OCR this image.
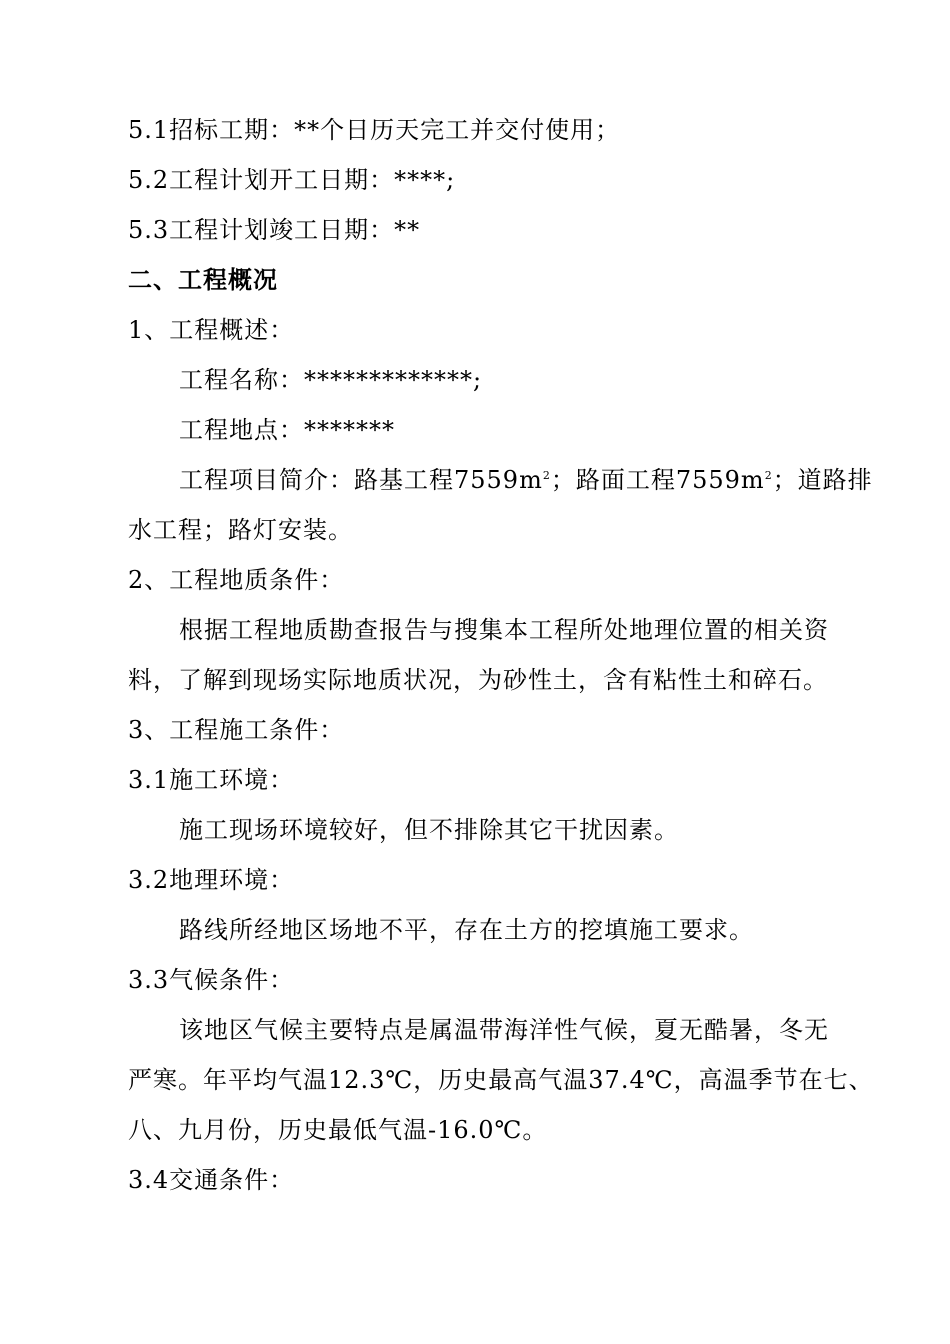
5.1招标工期：**个日历天完工并交付使用；
5.2工程计划开工日期：****;
5.3工程计划竣工日期：**
二、工程概况
1、工程概述：
工程名称：*************;
工程地点：*******
工程项目简介：路基工程$7559m^2$；路面工程$7559m^2$；道路排
水工程；路灯安装。
2、工程地质条件：
根据工程地质勘查报告与搜集本工程所处地理位置的相关资
料，了解到现场实际地质状况，为砂性土，含有粘性土和碎石。
3、工程施工条件：
3.1施工环境：
施工现场环境较好，但不排除其它干扰因素。
3.2地理环境：
路线所经地区场地不平，存在土方的挖填施工要求。
3.3气候条件：
该地区气候主要特点是属温带海洋性气候，夏无酷暑，冬无
严寒。年平均气温12.3℃，历史最高气温37.4℃，高温季节在七、
八、九月份，历史最低气温-16.0℃。
3.4交通条件：
